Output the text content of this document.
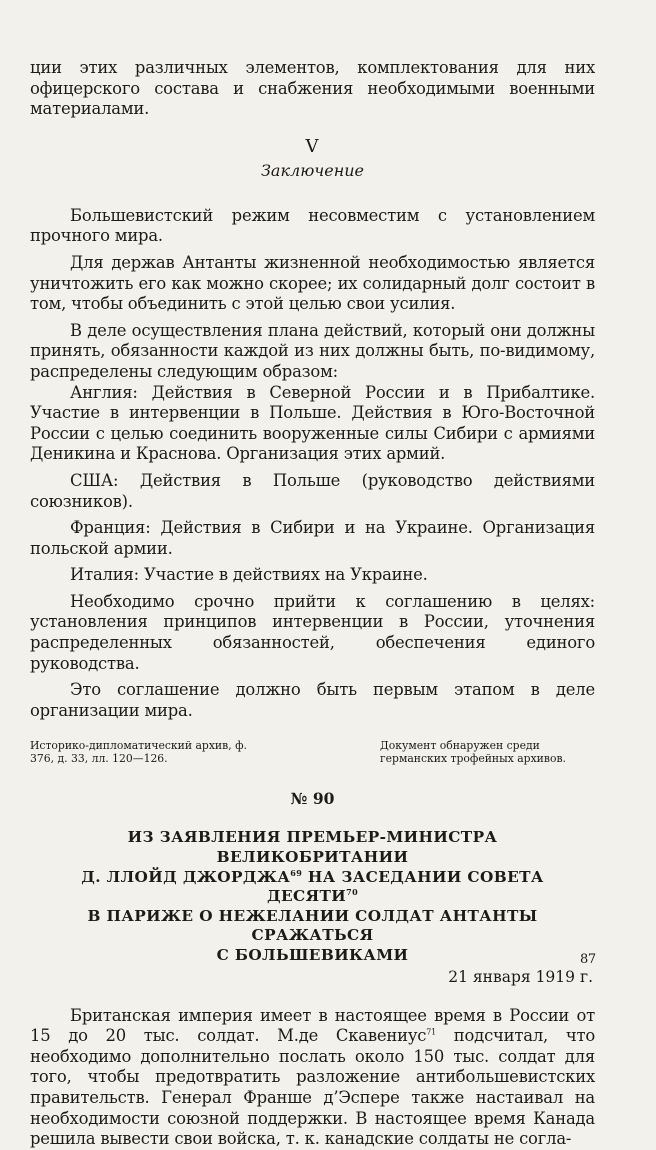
ции этих различных элементов, комплектования для них офицерского состава и снабжения необходимыми военными материалами.

V
Заключение

Большевистский режим несовместим с установлением прочного мира.

Для держав Антанты жизненной необходимостью является уничтожить его как можно скорее; их солидарный долг состоит в том, чтобы объединить с этой целью свои усилия.

В деле осуществления плана действий, который они должны принять, обязанности каждой из них должны быть, по-видимому, распределены следующим образом:

Англия: Действия в Северной России и в Прибалтике. Участие в интервенции в Польше. Действия в Юго-Восточной России с целью соединить вооруженные силы Сибири с армиями Деникина и Краснова. Организация этих армий.

США: Действия в Польше (руководство действиями союзников).

Франция: Действия в Сибири и на Украине. Организация польской армии.

Италия: Участие в действиях на Украине.

Необходимо срочно прийти к соглашению в целях: установления принципов интервенции в России, уточнения распределенных обязанностей, обеспечения единого руководства.

Это соглашение должно быть первым этапом в деле организации мира.

Историко-дипломатический архив, ф. 376, д. 33, лл. 120—126.
Документ обнаружен среди германских трофейных архивов.
№ 90

ИЗ ЗАЯВЛЕНИЯ ПРЕМЬЕР-МИНИСТРА ВЕЛИКОБРИТАНИИ

Д. ЛЛОЙД ДЖОРДЖА$^{69}$ НА ЗАСЕДАНИИ СОВЕТА ДЕСЯТИ$^{70}$

В ПАРИЖЕ О НЕЖЕЛАНИИ СОЛДАТ АНТАНТЫ СРАЖАТЬСЯ

С БОЛЬШЕВИКАМИ

21 января 1919 г.

Британская империя имеет в настоящее время в России от 15 до 20 тыс. солдат. М.де Скавениус$^{71}$ подсчитал, что необходимо дополнительно послать около 150 тыс. солдат для того, чтобы предотвратить разложение антибольшевистских правительств. Генерал Франше д’Эспере также настаивал на необходимости союзной поддержки. В настоящее время Канада решила вывести свои войска, т. к. канадские солдаты не согла-

87
